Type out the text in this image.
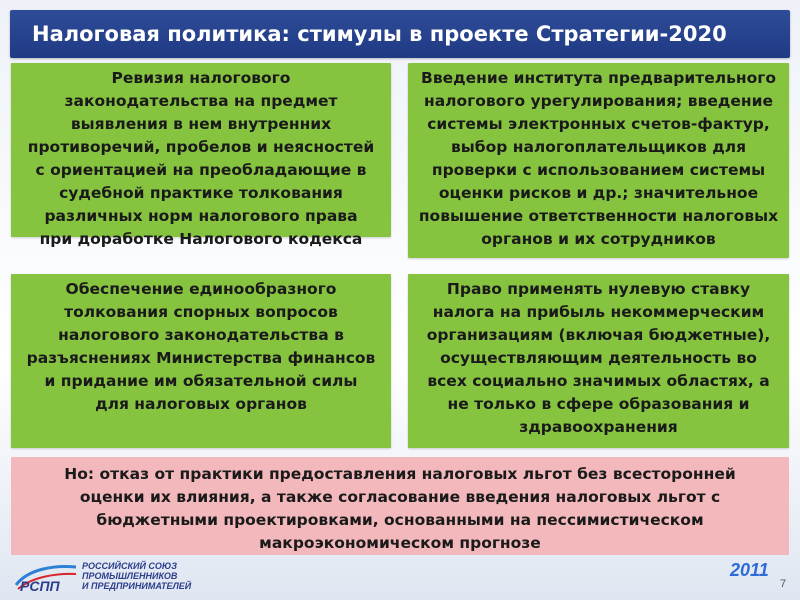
Налоговая политика: стимулы в проекте Стратегии-2020
Ревизия налогового законодательства на предмет выявления в нем внутренних противоречий, пробелов и неясностей с ориентацией на преобладающие в судебной практике толкования различных норм налогового права при доработке Налогового кодекса
Введение института предварительного налогового урегулирования; введение системы электронных счетов-фактур, выбор налогоплательщиков для проверки с использованием системы оценки рисков и др.; значительное повышение ответственности налоговых органов и их сотрудников
Обеспечение единообразного толкования спорных вопросов налогового законодательства в разъяснениях Министерства финансов и придание им обязательной силы для налоговых органов
Право применять нулевую ставку налога на прибыль некоммерческим организациям (включая бюджетные), осуществляющим деятельность во всех социально значимых областях, а не только в сфере образования и здравоохранения
Но: отказ от практики предоставления налоговых льгот без всесторонней оценки их влияния, а также согласование введения налоговых льгот с бюджетными проектировками, основанными на пессимистическом макроэкономическом прогнозе
РСПП
РОССИЙСКИЙ СОЮЗ
ПРОМЫШЛЕННИКОВ
И ПРЕДПРИНИМАТЕЛЕЙ
2011
7
